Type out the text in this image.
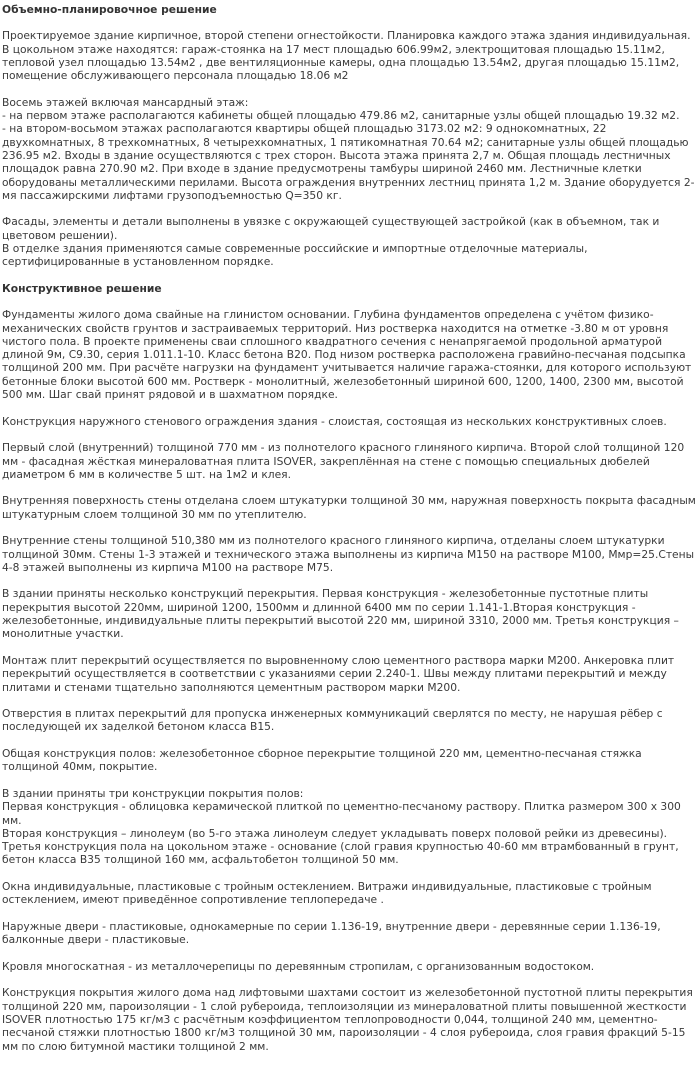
Объемно-планировочное решение

Проектируемое здание кирпичное, второй степени огнестойкости. Планировка каждого этажа здания индивидуальная. В цокольном этаже находятся: гараж-стоянка на 17 мест площадью 606.99м2, электрощитовая площадью 15.11м2, тепловой узел площадью 13.54м2 , две вентиляционные камеры, одна площадью 13.54м2, другая площадью 15.11м2, помещение обслуживающего персонала площадью 18.06 м2

Восемь этажей включая мансардный этаж:
- на первом этаже располагаются кабинеты общей площадью 479.86 м2, санитарные узлы общей площадью 19.32 м2.
- на втором-восьмом этажах располагаются квартиры общей площадью 3173.02 м2: 9 однокомнатных, 22 двухкомнатных, 8 трехкомнатных, 8 четырехкомнатных, 1 пятикомнатная 70.64 м2; санитарные узлы общей площадью 236.95 м2. Входы в здание осуществляются с трех сторон. Высота этажа принята 2,7 м. Общая площадь лестничных площадок равна 270.90 м2. При входе в здание предусмотрены тамбуры шириной 2460 мм. Лестничные клетки оборудованы металлическими перилами. Высота ограждения внутренних лестниц принята 1,2 м. Здание оборудуется 2-мя пассажирскими лифтами грузоподъемностью Q=350 кг.

Фасады, элементы и детали выполнены в увязке с окружающей существующей застройкой (как в объемном, так и цветовом решении).
В отделке здания применяются самые современные российские и импортные отделочные материалы, сертифицированные в установленном порядке.

Конструктивное решение

Фундаменты жилого дома свайные на глинистом основании. Глубина фундаментов определена с учётом физико-механических свойств грунтов и застраиваемых территорий. Низ ростверка находится на отметке -3.80 м от уровня чистого пола. В проекте применены сваи сплошного квадратного сечения с ненапрягаемой продольной арматурой длиной 9м, С9.30, серия 1.011.1-10. Класс бетона В20. Под низом ростверка расположена гравийно-песчаная подсыпка толщиной 200 мм. При расчёте нагрузки на фундамент учитывается наличие гаража-стоянки, для которого используют бетонные блоки высотой 600 мм. Ростверк - монолитный, железобетонный шириной 600, 1200, 1400, 2300 мм, высотой 500 мм. Шаг свай принят рядовой и в шахматном порядке.

Конструкция наружного стенового ограждения здания - слоистая, состоящая из нескольких конструктивных слоев.

Первый слой (внутренний) толщиной 770 мм - из полнотелого красного глиняного кирпича. Второй слой толщиной 120 мм - фасадная жёсткая минераловатная плита ISOVER, закреплённая на стене с помощью специальных дюбелей диаметром 6 мм в количестве 5 шт. на 1м2 и клея.

Внутренняя поверхность стены отделана слоем штукатурки толщиной 30 мм, наружная поверхность покрыта фасадным штукатурным слоем толщиной 30 мм по утеплителю.

Внутренние стены толщиной 510,380 мм из полнотелого красного глиняного кирпича, отделаны слоем штукатурки толщиной 30мм. Стены 1-3 этажей и технического этажа выполнены из кирпича М150 на растворе М100, Ммр=25.Стены 4-8 этажей выполнены из кирпича М100 на растворе М75.

В здании приняты несколько конструкций перекрытия. Первая конструкция - железобетонные пустотные плиты перекрытия высотой 220мм, шириной 1200, 1500мм и длинной 6400 мм по серии 1.141-1.Вторая конструкция - железобетонные, индивидуальные плиты перекрытий высотой 220 мм, шириной 3310, 2000 мм. Третья конструкция – монолитные участки.

Монтаж плит перекрытий осуществляется по выровненному слою цементного раствора марки М200. Анкеровка плит перекрытий осуществляется в соответствии с указаниями серии 2.240-1. Швы между плитами перекрытий и между плитами и стенами тщательно заполняются цементным раствором марки М200.

Отверстия в плитах перекрытий для пропуска инженерных коммуникаций сверлятся по месту, не нарушая рёбер с последующей их заделкой бетоном класса В15.

Общая конструкция полов: железобетонное сборное перекрытие толщиной 220 мм, цементно-песчаная стяжка толщиной 40мм, покрытие.

В здании приняты три конструкции покрытия полов:
Первая конструкция - облицовка керамической плиткой по цементно-песчаному раствору. Плитка размером 300 х 300 мм.
Вторая конструкция – линолеум (во 5-го этажа линолеум следует укладывать поверх половой рейки из древесины).
Третья конструкция пола на цокольном этаже - основание (слой гравия крупностью 40-60 мм втрамбованный в грунт, бетон класса В35 толщиной 160 мм, асфальтобетон толщиной 50 мм.

Окна индивидуальные, пластиковые с тройным остеклением. Витражи индивидуальные, пластиковые с тройным остеклением, имеют приведённое сопротивление теплопередаче .

Наружные двери - пластиковые, однокамерные по серии 1.136-19, внутренние двери - деревянные серии 1.136-19, балконные двери - пластиковые.

Кровля многоскатная - из металлочерепицы по деревянным стропилам, с организованным водостоком.

Конструкция покрытия жилого дома над лифтовыми шахтами состоит из железобетонной пустотной плиты перекрытия толщиной 220 мм, пароизоляции - 1 слой рубероида, теплоизоляции из минераловатной плиты повышенной жесткости ISOVER плотностью 175 кг/м3 с расчётным коэффициентом теплопроводности 0,044, толщиной 240 мм, цементно-песчаной стяжки плотностью 1800 кг/м3 толщиной 30 мм, пароизоляции - 4 слоя рубероида, слоя гравия фракций 5-15 мм по слою битумной мастики толщиной 2 мм.
